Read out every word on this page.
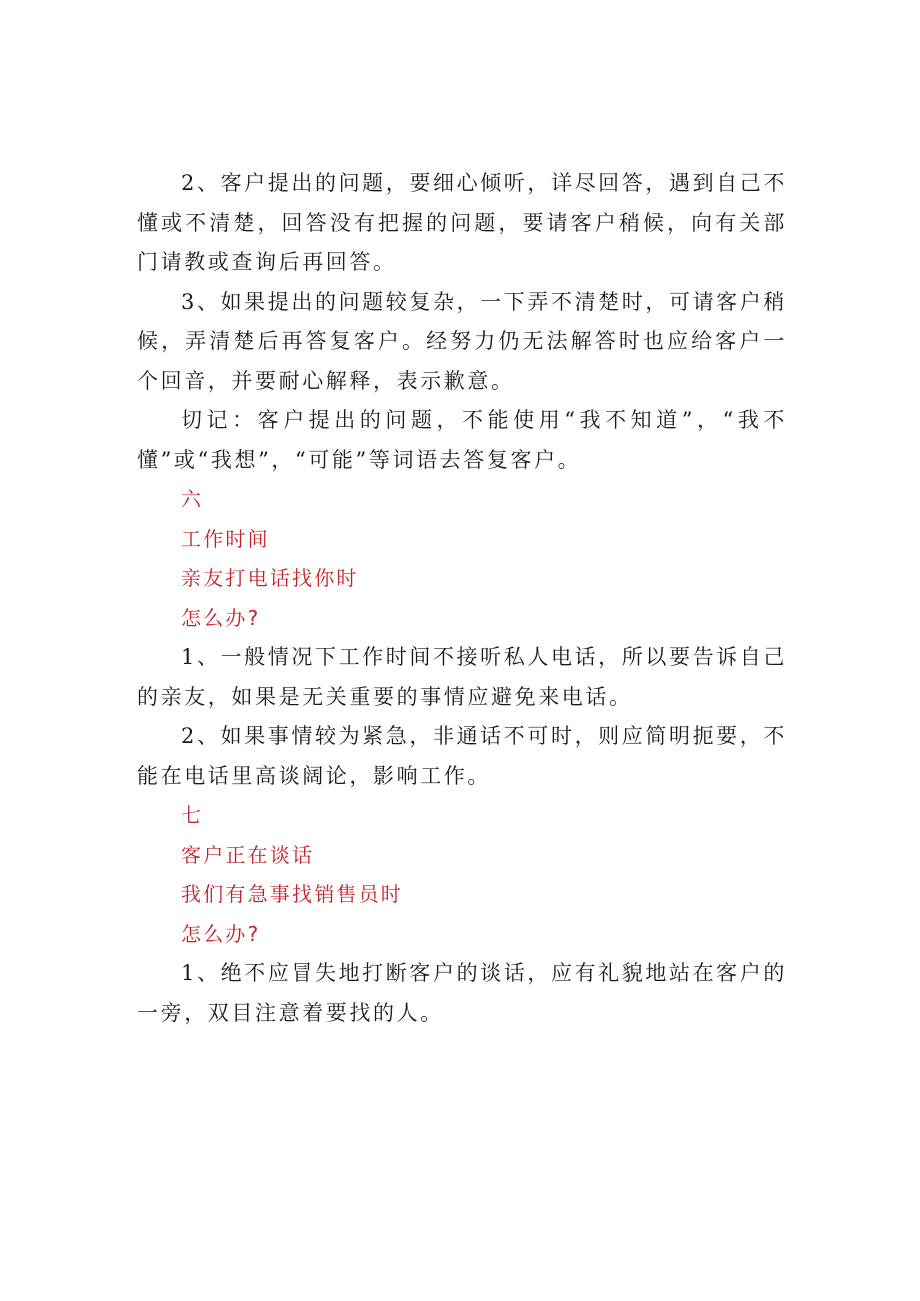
2、客户提出的问题，要细心倾听，详尽回答，遇到自己不懂或不清楚，回答没有把握的问题，要请客户稍候，向有关部门请教或查询后再回答。

3、如果提出的问题较复杂，一下弄不清楚时，可请客户稍候，弄清楚后再答复客户。经努力仍无法解答时也应给客户一个回音，并要耐心解释，表示歉意。

切记：客户提出的问题，不能使用“我不知道”，“我不懂”或“我想”，“可能”等词语去答复客户。

六

工作时间

亲友打电话找你时

怎么办?

1、一般情况下工作时间不接听私人电话，所以要告诉自己的亲友，如果是无关重要的事情应避免来电话。

2、如果事情较为紧急，非通话不可时，则应简明扼要，不能在电话里高谈阔论，影响工作。

七

客户正在谈话

我们有急事找销售员时

怎么办?

1、绝不应冒失地打断客户的谈话，应有礼貌地站在客户的一旁，双目注意着要找的人。
